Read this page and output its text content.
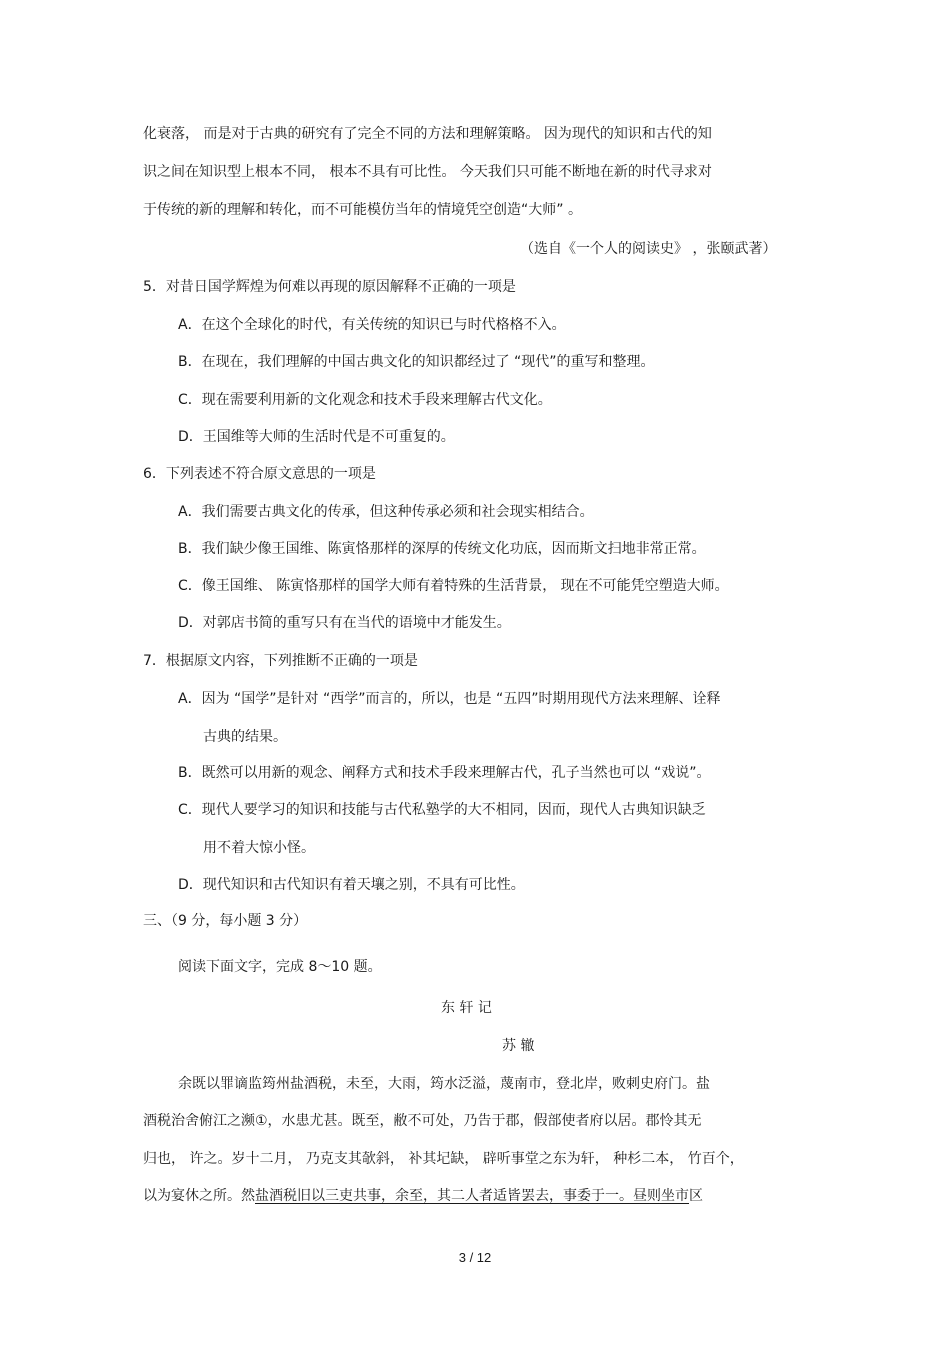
化衰落， 而是对于古典的研究有了完全不同的方法和理解策略。 因为现代的知识和古代的知
识之间在知识型上根本不同， 根本不具有可比性。 今天我们只可能不断地在新的时代寻求对
于传统的新的理解和转化，而不可能模仿当年的情境凭空创造“大师” 。
（选自《一个人的阅读史》 ，张颐武著）
5．对昔日国学辉煌为何难以再现的原因解释不正确的一项是
A．在这个全球化的时代，有关传统的知识已与时代格格不入。
B．在现在，我们理解的中国古典文化的知识都经过了 “现代”的重写和整理。
C．现在需要利用新的文化观念和技术手段来理解古代文化。
D．王国维等大师的生活时代是不可重复的。
6．下列表述不符合原文意思的一项是
A．我们需要古典文化的传承，但这种传承必须和社会现实相结合。
B．我们缺少像王国维、陈寅恪那样的深厚的传统文化功底，因而斯文扫地非常正常。
C．像王国维、 陈寅恪那样的国学大师有着特殊的生活背景， 现在不可能凭空塑造大师。
D．对郭店书简的重写只有在当代的语境中才能发生。
7．根据原文内容，下列推断不正确的一项是
A．因为 “国学”是针对 “西学”而言的，所以，也是 “五四”时期用现代方法来理解、诠释
古典的结果。
B．既然可以用新的观念、阐释方式和技术手段来理解古代，孔子当然也可以 “戏说”。
C．现代人要学习的知识和技能与古代私塾学的大不相同，因而，现代人古典知识缺乏
用不着大惊小怪。
D．现代知识和古代知识有着天壤之别，不具有可比性。
三、（9 分，每小题 3 分）
阅读下面文字，完成 8～10 题。
东 轩 记
苏 辙
余既以罪谪监筠州盐酒税，未至，大雨，筠水泛溢，蔑南市，登北岸，败刺史府门。盐
酒税治舍俯江之濒①，水患尤甚。既至，敝不可处，乃告于郡，假部使者府以居。郡怜其无
归也， 许之。岁十二月， 乃克支其欹斜， 补其圮缺， 辟听事堂之东为轩， 种杉二本， 竹百个，
以为宴休之所。然盐酒税旧以三吏共事，余至，其二人者适皆罢去，事委于一。昼则坐市区
3 / 12
